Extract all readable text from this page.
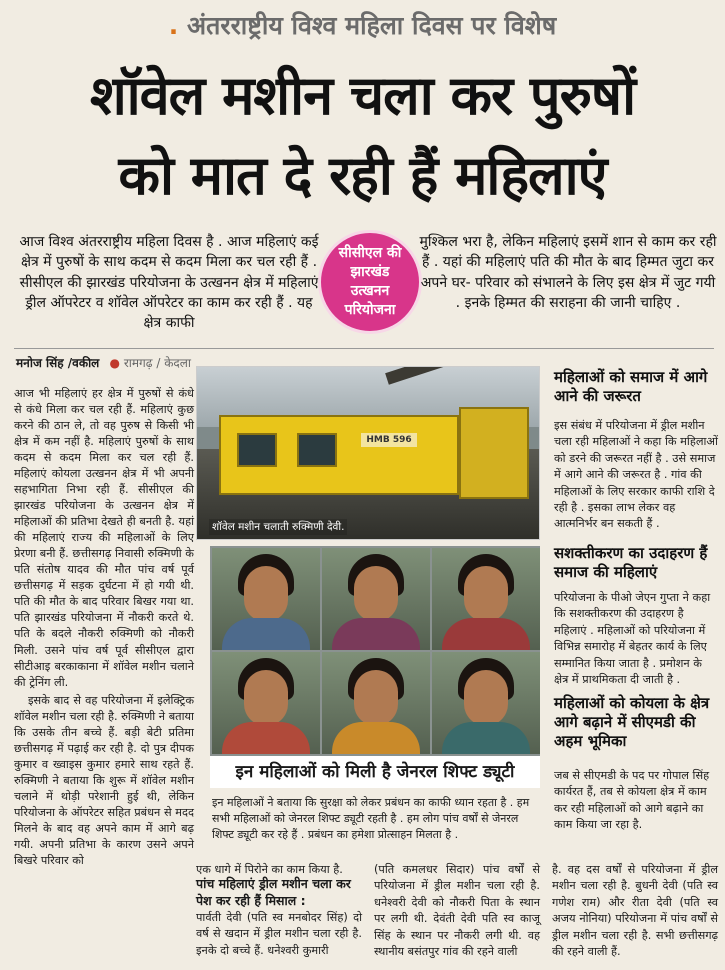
. अंतरराष्ट्रीय विश्व महिला दिवस पर विशेष
शॉवेल मशीन चला कर पुरुषों
को मात दे रही हैं महिलाएं
आज विश्व अंतरराष्ट्रीय महिला दिवस है . आज महिलाएं कई क्षेत्र में पुरुषों के साथ कदम से कदम मिला कर चल रही हैं . सीसीएल की झारखंड परियोजना के उत्खनन क्षेत्र में महिलाएं ड्रील ऑपरेटर व शॉवेल ऑपरेटर का काम कर रही हैं . यह क्षेत्र काफी
सीसीएल की झारखंड उत्खनन परियोजना
मुश्किल भरा है, लेकिन महिलाएं इसमें शान से काम कर रही हैं . यहां की महिलाएं पति की मौत के बाद हिम्मत जुटा कर अपने घर- परिवार को संभालने के लिए इस क्षेत्र में जुट गयी . इनके हिम्मत की सराहना की जानी चाहिए .
मनोज सिंह /वकील ● रामगढ़ / केदला

आज भी महिलाएं हर क्षेत्र में पुरुषों से कंधे से कंधे मिला कर चल रही हैं. महिलाएं कुछ करने की ठान ले, तो वह पुरुष से किसी भी क्षेत्र में कम नहीं है. महिलाएं पुरुषों के साथ कदम से कदम मिला कर चल रही हैं. महिलाएं कोयला उत्खनन क्षेत्र में भी अपनी सहभागिता निभा रही हैं. सीसीएल की झारखंड परियोजना के उत्खनन क्षेत्र में महिलाओं की प्रतिभा देखते ही बनती है. यहां की महिलाएं राज्य की महिलाओं के लिए प्रेरणा बनी हैं. छत्तीसगढ़ निवासी रुक्मिणी के पति संतोष यादव की मौत पांच वर्ष पूर्व छत्तीसगढ़ में सड़क दुर्घटना में हो गयी थी. पति की मौत के बाद परिवार बिखर गया था. पति झारखंड परियोजना में नौकरी करते थे. पति के बदले नौकरी रुक्मिणी को नौकरी मिली. उसने पांच वर्ष पूर्व सीसीएल द्वारा सीटीआइ बरकाकाना में शॉवेल मशीन चलाने की ट्रेनिंग ली.

इसके बाद से वह परियोजना में इलेक्ट्रिक शॉवेल मशीन चला रही है. रुक्मिणी ने बताया कि उसके तीन बच्चे हैं. बड़ी बेटी प्रतिमा छत्तीसगढ़ में पढ़ाई कर रही है. दो पुत्र दीपक कुमार व ख्वाइस कुमार हमारे साथ रहते हैं. रुक्मिणी ने बताया कि शुरू में शॉवेल मशीन चलाने में थोड़ी परेशानी हुई थी, लेकिन परियोजना के ऑपरेटर सहित प्रबंधन से मदद मिलने के बाद वह अपने काम में आगे बढ़ गयी. अपनी प्रतिभा के कारण उसने अपने बिखरे परिवार को

HMB 596
शॉवेल मशीन चलाती रुक्मिणी देवी.
इन महिलाओं को मिली है जेनरल शिफ्ट ड्यूटी
इन महिलाओं ने बताया कि सुरक्षा को लेकर प्रबंधन का काफी ध्यान रहता है . हम सभी महिलाओं को जेनरल शिफ्ट ड्यूटी रहती है . हम लोग पांच वर्षों से जेनरल शिफ्ट ड्यूटी कर रहे हैं . प्रबंधन का हमेशा प्रोत्साहन मिलता है .
महिलाओं को समाज में आगे आने की जरूरत
इस संबंध में परियोजना में ड्रील मशीन चला रही महिलाओं ने कहा कि महिलाओं को डरने की जरूरत नहीं है . उसे समाज में आगे आने की जरूरत है . गांव की महिलाओं के लिए सरकार काफी राशि दे रही है . इसका लाभ लेकर वह आत्मनिर्भर बन सकती हैं .
सशक्तीकरण का उदाहरण हैं समाज की महिलाएं
परियोजना के पीओ जेएन गुप्ता ने कहा कि सशक्तीकरण की उदाहरण है महिलाएं . महिलाओं को परियोजना में विभिन्न समारोह में बेहतर कार्य के लिए सम्मानित किया जाता है . प्रमोशन के क्षेत्र में प्राथमिकता दी जाती है .
महिलाओं को कोयला के क्षेत्र आगे बढ़ाने में सीएमडी की अहम भूमिका
जब से सीएमडी के पद पर गोपाल सिंह कार्यरत हैं, तब से कोयला क्षेत्र में काम कर रही महिलाओं को आगे बढ़ाने का काम किया जा रहा है.
एक धागे में पिरोने का काम किया है.
पांच महिलाएं ड्रील मशीन चला कर पेश कर रही हैं मिसाल :
पार्वती देवी (पति स्व मनबोदर सिंह) दो वर्ष से खदान में ड्रील मशीन चला रही है. इनके दो बच्चे हैं. धनेश्वरी कुमारी
(पति कमलधर सिदार) पांच वर्षों से परियोजना में ड्रील मशीन चला रही है. धनेश्वरी देवी को नौकरी पिता के स्थान पर लगी थी. देवंती देवी पति स्व काजू सिंह के स्थान पर नौकरी लगी थी. वह स्थानीय बसंतपुर गांव की रहने वाली
है. वह दस वर्षों से परियोजना में ड्रील मशीन चला रही है. बुधनी देवी (पति स्व गणेश राम) और रीता देवी (पति स्व अजय नोनिया) परियोजना में पांच वर्षों से ड्रील मशीन चला रही है. सभी छत्तीसगढ़ की रहने वाली हैं.
